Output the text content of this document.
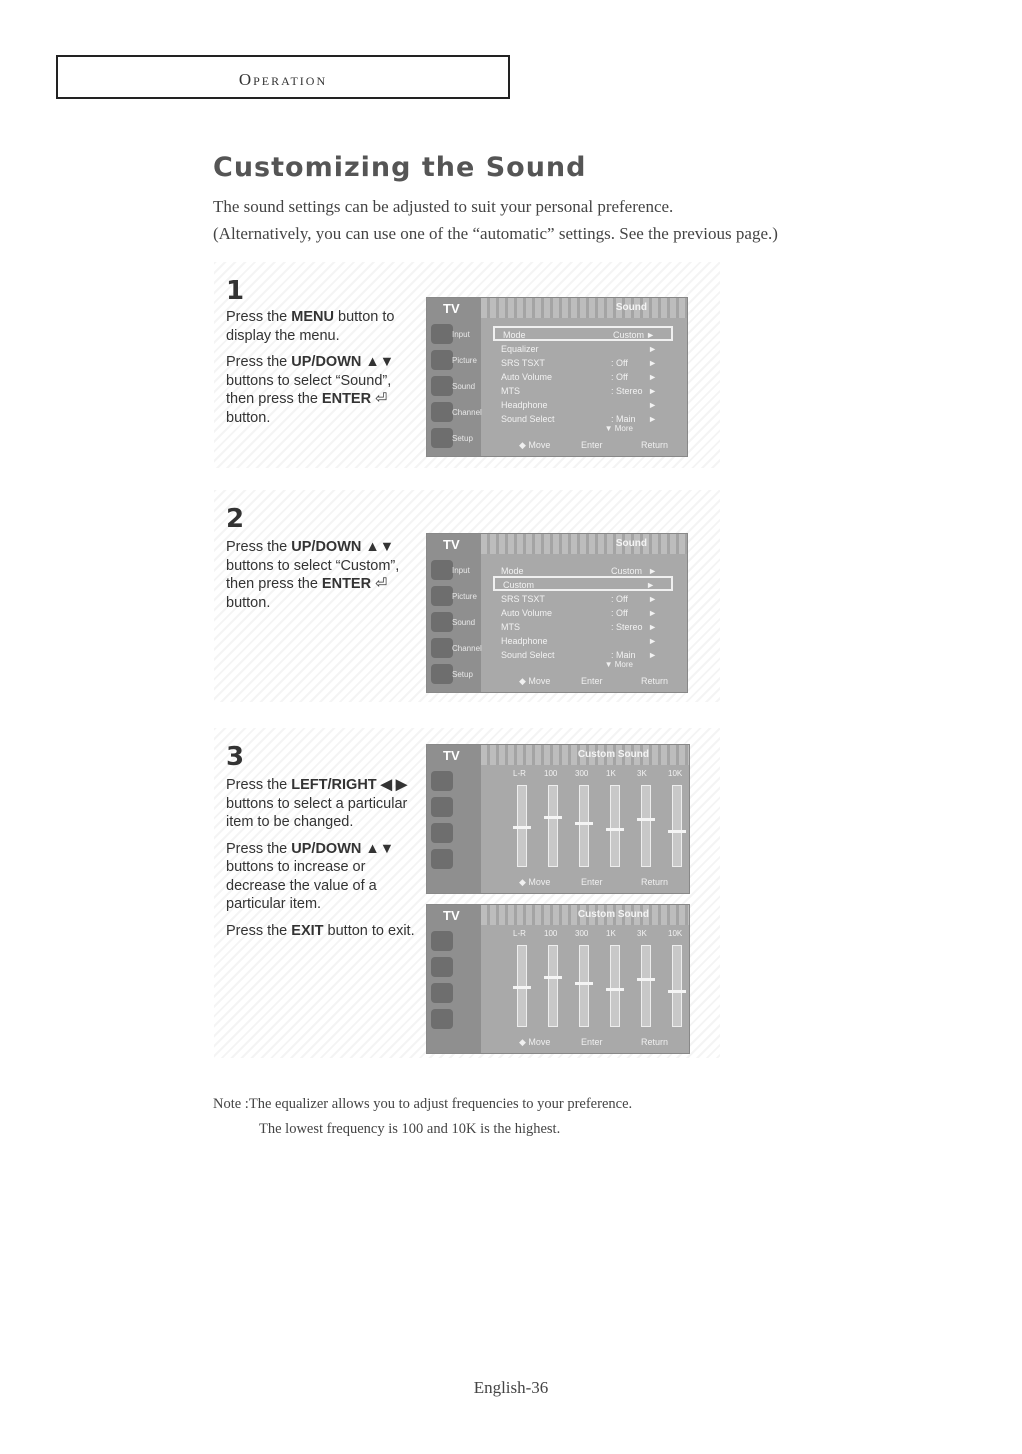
Operation
Customizing the Sound
The sound settings can be adjusted to suit your personal preference.
(Alternatively, you can use one of the “automatic” settings. See the previous page.)
1

Press the MENU button to display the menu.

Press the UP/DOWN ▲▼ buttons to select “Sound”, then press the ENTER ⏎ button.

TV
Input
Picture
Sound
Channel
Setup
Sound
Mode	Custom ►
Equalizer	►
SRS TSXT	: Off ►
Auto Volume	: Off ►
MTS	: Stereo ►
Headphone	►
Sound Select	: Main ►
▼ More
◆ Move	Enter	Return
2

Press the UP/DOWN ▲▼ buttons to select “Custom”, then press the ENTER ⏎ button.

TV
Input
Picture
Sound
Channel
Setup
Sound
Mode	Custom ►
Custom	►
SRS TSXT	: Off ►
Auto Volume	: Off ►
MTS	: Stereo ►
Headphone	►
Sound Select	: Main ►
▼ More
◆ Move	Enter	Return
3

Press the LEFT/RIGHT ◀ ▶ buttons to select a particular item to be changed.

Press the UP/DOWN ▲▼ buttons to increase or decrease the value of a particular item.

Press the EXIT button to exit.

TV	Custom Sound
◆ Move	Enter	Return
L-R 100 300 1K	3K	10K
TV	Custom Sound
◆ Move	Enter	Return
L-R 100 300 1K	3K	10K
Note :The equalizer allows you to adjust frequencies to your preference.
The lowest frequency is 100 and 10K is the highest.
English-36
